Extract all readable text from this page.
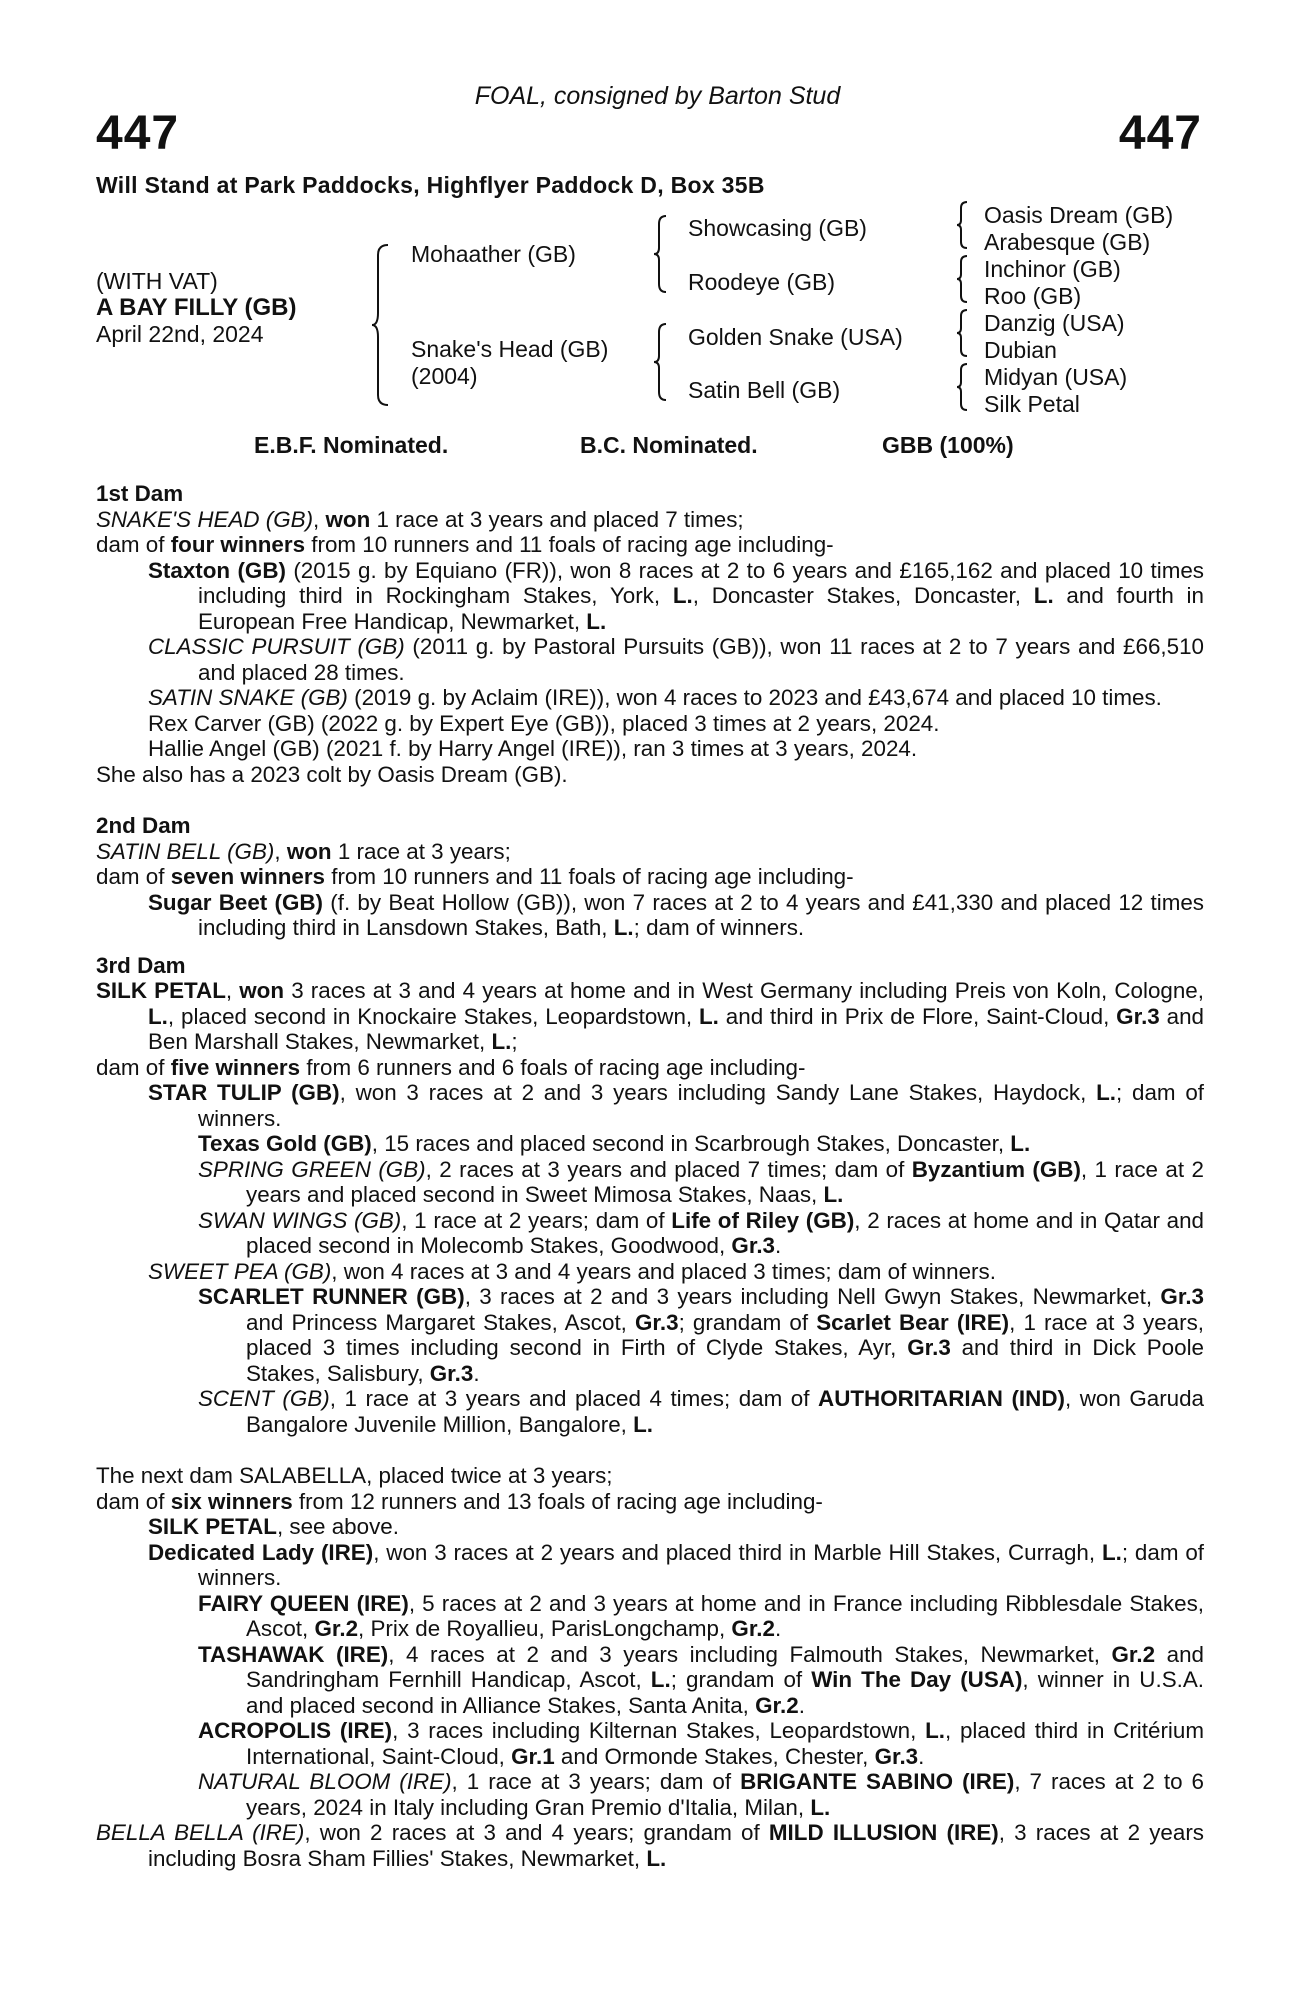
FOAL, consigned by Barton Stud
447	447
Will Stand at Park Paddocks, Highflyer Paddock D, Box 35B
(WITH VAT)
A BAY FILLY (GB)
April 22nd, 2024
Mohaather (GB)
Snake's Head (GB)
(2004)
Showcasing (GB)
Roodeye (GB)
Golden Snake (USA)
Satin Bell (GB)
Oasis Dream (GB)
Arabesque (GB)
Inchinor (GB)
Roo (GB)
Danzig (USA)
Dubian
Midyan (USA)
Silk Petal
E.B.F. Nominated.	B.C. Nominated.	GBB (100%)

1st Dam

SNAKE'S HEAD (GB), won 1 race at 3 years and placed 7 times;

dam of four winners from 10 runners and 11 foals of racing age including-

Staxton (GB) (2015 g. by Equiano (FR)), won 8 races at 2 to 6 years and £165,162 and placed 10 times including third in Rockingham Stakes, York, L., Doncaster Stakes, Doncaster, L. and fourth in European Free Handicap, Newmarket, L.

CLASSIC PURSUIT (GB) (2011 g. by Pastoral Pursuits (GB)), won 11 races at 2 to 7 years and £66,510 and placed 28 times.

SATIN SNAKE (GB) (2019 g. by Aclaim (IRE)), won 4 races to 2023 and £43,674 and placed 10 times.

Rex Carver (GB) (2022 g. by Expert Eye (GB)), placed 3 times at 2 years, 2024.

Hallie Angel (GB) (2021 f. by Harry Angel (IRE)), ran 3 times at 3 years, 2024.

She also has a 2023 colt by Oasis Dream (GB).

2nd Dam

SATIN BELL (GB), won 1 race at 3 years;

dam of seven winners from 10 runners and 11 foals of racing age including-

Sugar Beet (GB) (f. by Beat Hollow (GB)), won 7 races at 2 to 4 years and £41,330 and placed 12 times including third in Lansdown Stakes, Bath, L.; dam of winners.

3rd Dam

SILK PETAL, won 3 races at 3 and 4 years at home and in West Germany including Preis von Koln, Cologne, L., placed second in Knockaire Stakes, Leopardstown, L. and third in Prix de Flore, Saint-Cloud, Gr.3 and Ben Marshall Stakes, Newmarket, L.;

dam of five winners from 6 runners and 6 foals of racing age including-

STAR TULIP (GB), won 3 races at 2 and 3 years including Sandy Lane Stakes, Haydock, L.; dam of winners.

Texas Gold (GB), 15 races and placed second in Scarbrough Stakes, Doncaster, L.

SPRING GREEN (GB), 2 races at 3 years and placed 7 times; dam of Byzantium (GB), 1 race at 2 years and placed second in Sweet Mimosa Stakes, Naas, L.

SWAN WINGS (GB), 1 race at 2 years; dam of Life of Riley (GB), 2 races at home and in Qatar and placed second in Molecomb Stakes, Goodwood, Gr.3.

SWEET PEA (GB), won 4 races at 3 and 4 years and placed 3 times; dam of winners.

SCARLET RUNNER (GB), 3 races at 2 and 3 years including Nell Gwyn Stakes, Newmarket, Gr.3 and Princess Margaret Stakes, Ascot, Gr.3; grandam of Scarlet Bear (IRE), 1 race at 3 years, placed 3 times including second in Firth of Clyde Stakes, Ayr, Gr.3 and third in Dick Poole Stakes, Salisbury, Gr.3.

SCENT (GB), 1 race at 3 years and placed 4 times; dam of AUTHORITARIAN (IND), won Garuda Bangalore Juvenile Million, Bangalore, L.

The next dam SALABELLA, placed twice at 3 years;

dam of six winners from 12 runners and 13 foals of racing age including-

SILK PETAL, see above.

Dedicated Lady (IRE), won 3 races at 2 years and placed third in Marble Hill Stakes, Curragh, L.; dam of winners.

FAIRY QUEEN (IRE), 5 races at 2 and 3 years at home and in France including Ribblesdale Stakes, Ascot, Gr.2, Prix de Royallieu, ParisLongchamp, Gr.2.

TASHAWAK (IRE), 4 races at 2 and 3 years including Falmouth Stakes, Newmarket, Gr.2 and Sandringham Fernhill Handicap, Ascot, L.; grandam of Win The Day (USA), winner in U.S.A. and placed second in Alliance Stakes, Santa Anita, Gr.2.

ACROPOLIS (IRE), 3 races including Kilternan Stakes, Leopardstown, L., placed third in Critérium International, Saint-Cloud, Gr.1 and Ormonde Stakes, Chester, Gr.3.

NATURAL BLOOM (IRE), 1 race at 3 years; dam of BRIGANTE SABINO (IRE), 7 races at 2 to 6 years, 2024 in Italy including Gran Premio d'Italia, Milan, L.

BELLA BELLA (IRE), won 2 races at 3 and 4 years; grandam of MILD ILLUSION (IRE), 3 races at 2 years including Bosra Sham Fillies' Stakes, Newmarket, L.
